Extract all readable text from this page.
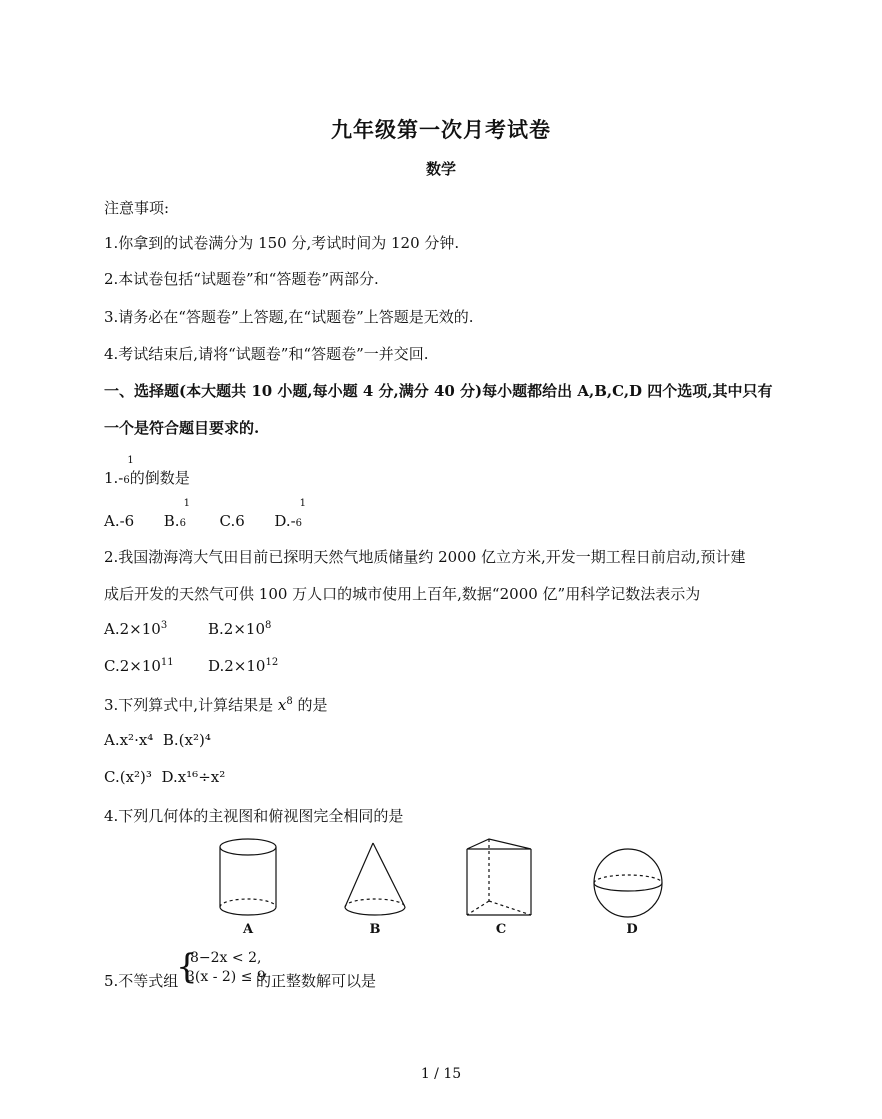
九年级第一次月考试卷
数学
注意事项:
1.你拿到的试卷满分为 150 分,考试时间为 120 分钟.
2.本试卷包括“试题卷”和“答题卷”两部分.
3.请务必在“答题卷”上答题,在“试题卷”上答题是无效的.
4.考试结束后,请将“试题卷”和“答题卷”一并交回.
一、选择题(本大题共 10 小题,每小题 4 分,满分 40 分)每小题都给出 A,B,C,D 四个选项,其中只有
一个是符合题目要求的.
1.-
1
6的倒数是
A.-6 B.
1
6 C.6 D.-
1
6
2.我国渤海湾大气田目前已探明天然气地质储量约 2000 亿立方米,开发一期工程日前启动,预计建
成后开发的天然气可供 100 万人口的城市使用上百年,数据“2000 亿”用科学记数法表示为
$A.2\times 10^3$	$B.2\times 10^8$
$C.2\times 10^{11}$ $D.2\times 10^{12}$
3.下列算式中,计算结果是 $x^8$ 的是
A.x²·x⁴ B.(x²)⁴
C.(x²)³ D.x¹⁶÷x²
4.下列几何体的主视图和俯视图完全相同的是
A	B	C	D
5.不等式组
{
8−2x < 2,
3(x - 2) ≤ 9
的正整数解可以是
1 / 15
